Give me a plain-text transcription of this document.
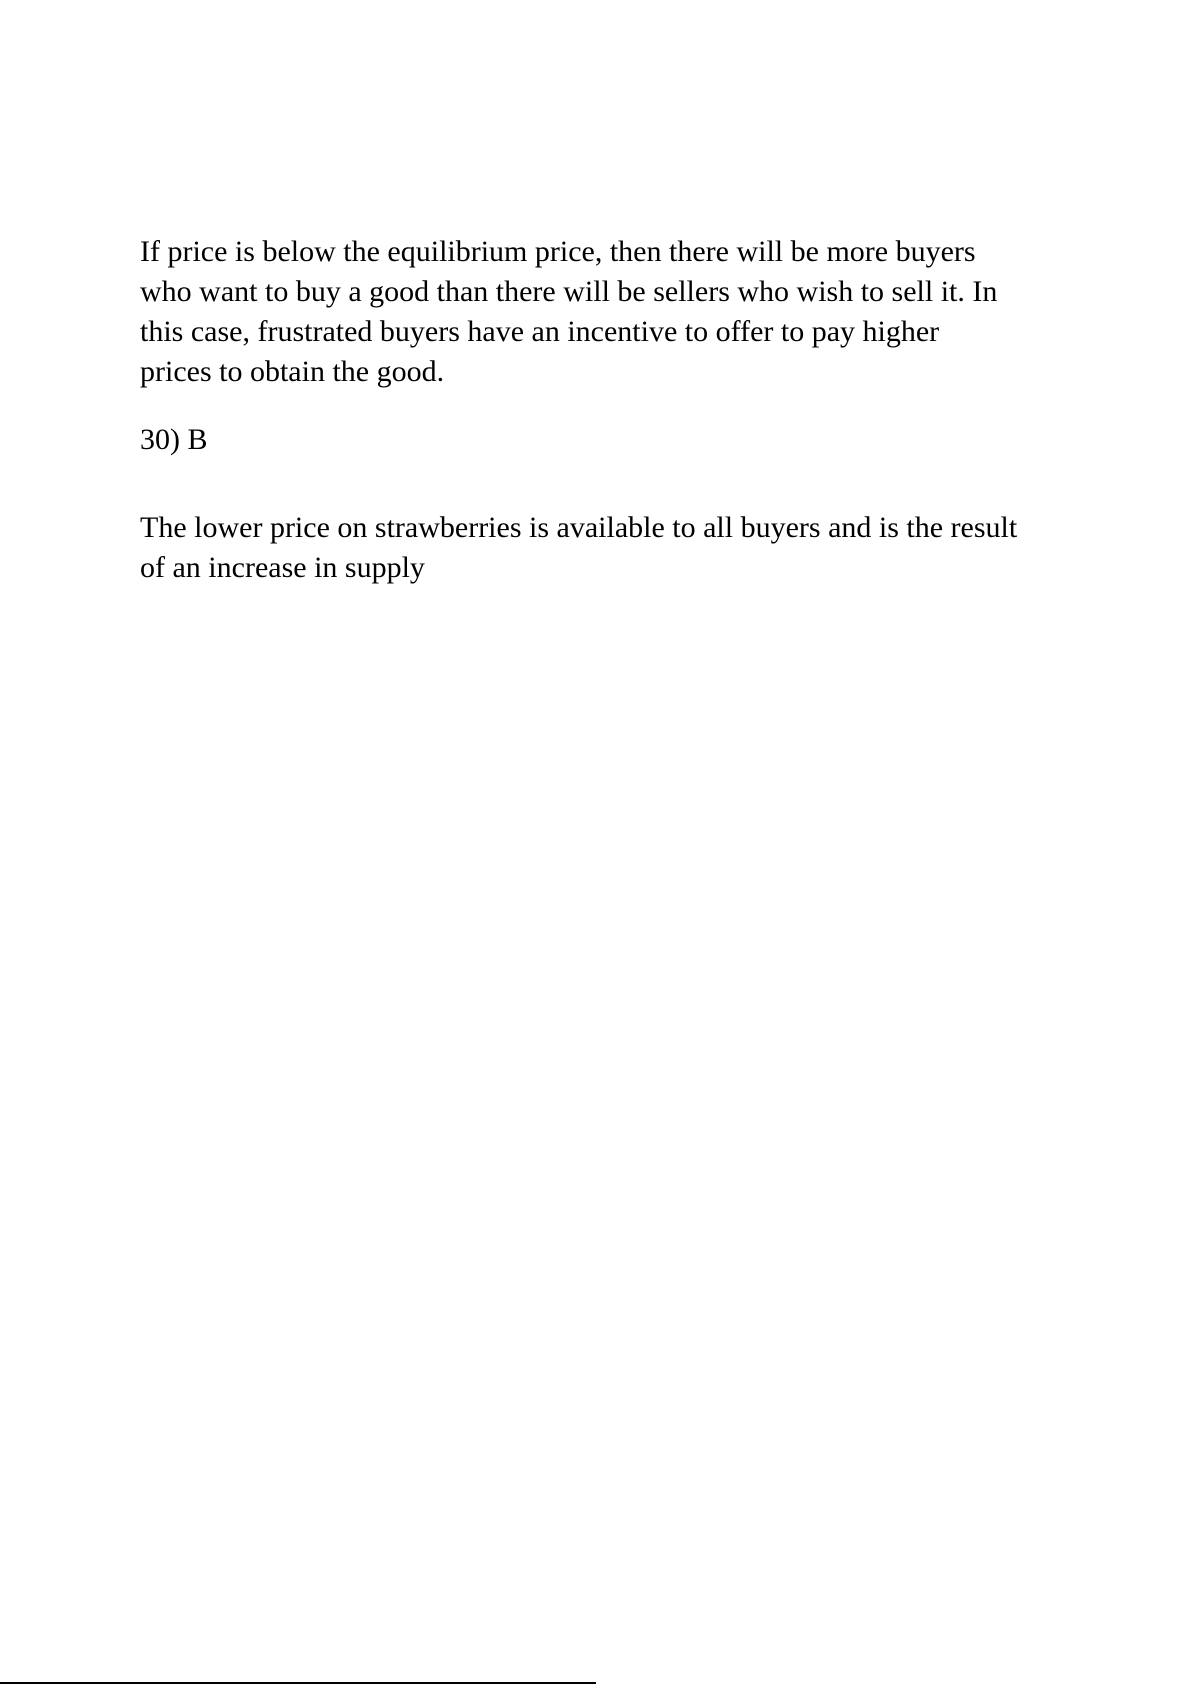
If price is below the equilibrium price, then there will be more buyers
who want to buy a good than there will be sellers who wish to sell it. In
this case, frustrated buyers have an incentive to offer to pay higher
prices to obtain the good.
30) B
The lower price on strawberries is available to all buyers and is the result
of an increase in supply
